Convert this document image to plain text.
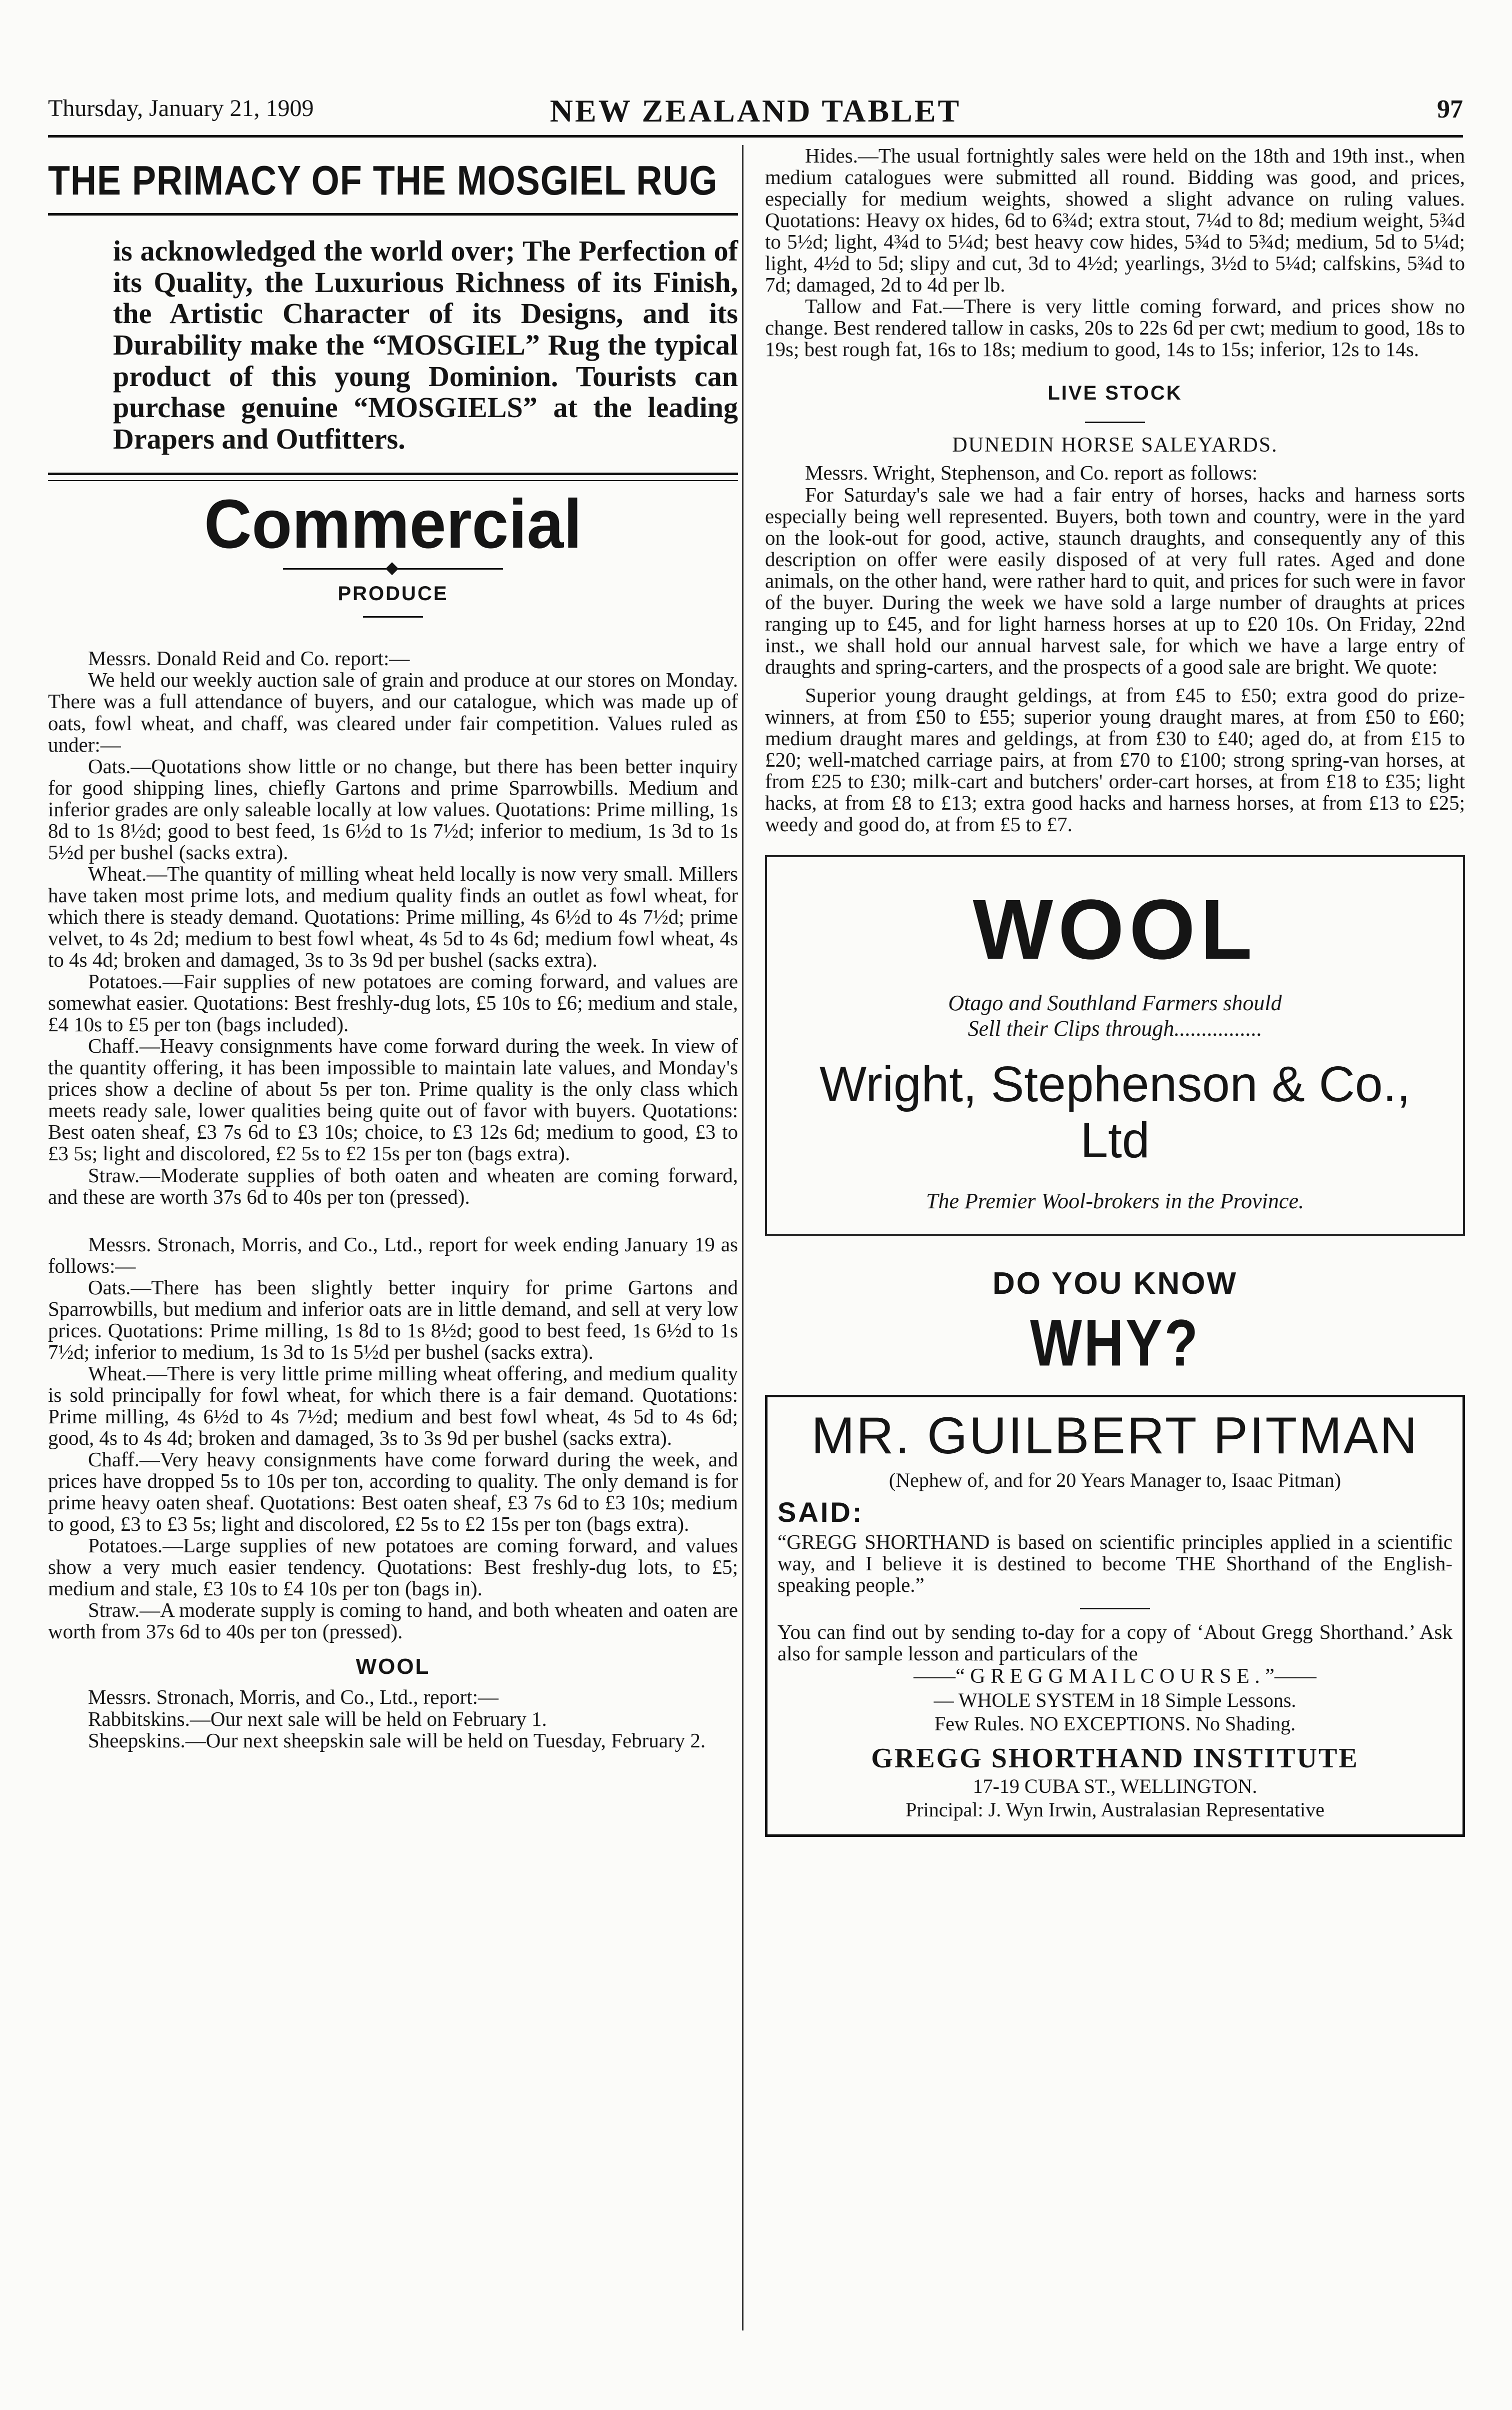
Thursday, January 21, 1909	NEW ZEALAND TABLET	97
THE PRIMACY OF THE MOSGIEL RUG

is acknowledged the world over; The Perfection of its Quality, the Luxurious Richness of its Finish, the Artistic Character of its Designs, and its Durability make the “MOSGIEL” Rug the typical product of this young Dominion. Tourists can purchase genuine “MOSGIELS” at the leading Drapers and Outfitters.

Commercial
◆
PRODUCE

Messrs. Donald Reid and Co. report:—

We held our weekly auction sale of grain and produce at our stores on Monday. There was a full attendance of buyers, and our catalogue, which was made up of oats, fowl wheat, and chaff, was cleared under fair competition. Values ruled as under:—

Oats.—Quotations show little or no change, but there has been better inquiry for good shipping lines, chiefly Gartons and prime Sparrowbills. Medium and inferior grades are only saleable locally at low values. Quotations: Prime milling, 1s 8d to 1s 8½d; good to best feed, 1s 6½d to 1s 7½d; inferior to medium, 1s 3d to 1s 5½d per bushel (sacks extra).

Wheat.—The quantity of milling wheat held locally is now very small. Millers have taken most prime lots, and medium quality finds an outlet as fowl wheat, for which there is steady demand. Quotations: Prime milling, 4s 6½d to 4s 7½d; prime velvet, to 4s 2d; medium to best fowl wheat, 4s 5d to 4s 6d; medium fowl wheat, 4s to 4s 4d; broken and damaged, 3s to 3s 9d per bushel (sacks extra).

Potatoes.—Fair supplies of new potatoes are coming forward, and values are somewhat easier. Quotations: Best freshly-dug lots, £5 10s to £6; medium and stale, £4 10s to £5 per ton (bags included).

Chaff.—Heavy consignments have come forward during the week. In view of the quantity offering, it has been impossible to maintain late values, and Monday's prices show a decline of about 5s per ton. Prime quality is the only class which meets ready sale, lower qualities being quite out of favor with buyers. Quotations: Best oaten sheaf, £3 7s 6d to £3 10s; choice, to £3 12s 6d; medium to good, £3 to £3 5s; light and discolored, £2 5s to £2 15s per ton (bags extra).

Straw.—Moderate supplies of both oaten and wheaten are coming forward, and these are worth 37s 6d to 40s per ton (pressed).

Messrs. Stronach, Morris, and Co., Ltd., report for week ending January 19 as follows:—

Oats.—There has been slightly better inquiry for prime Gartons and Sparrowbills, but medium and inferior oats are in little demand, and sell at very low prices. Quotations: Prime milling, 1s 8d to 1s 8½d; good to best feed, 1s 6½d to 1s 7½d; inferior to medium, 1s 3d to 1s 5½d per bushel (sacks extra).

Wheat.—There is very little prime milling wheat offering, and medium quality is sold principally for fowl wheat, for which there is a fair demand. Quotations: Prime milling, 4s 6½d to 4s 7½d; medium and best fowl wheat, 4s 5d to 4s 6d; good, 4s to 4s 4d; broken and damaged, 3s to 3s 9d per bushel (sacks extra).

Chaff.—Very heavy consignments have come forward during the week, and prices have dropped 5s to 10s per ton, according to quality. The only demand is for prime heavy oaten sheaf. Quotations: Best oaten sheaf, £3 7s 6d to £3 10s; medium to good, £3 to £3 5s; light and discolored, £2 5s to £2 15s per ton (bags extra).

Potatoes.—Large supplies of new potatoes are coming forward, and values show a very much easier tendency. Quotations: Best freshly-dug lots, to £5; medium and stale, £3 10s to £4 10s per ton (bags in).

Straw.—A moderate supply is coming to hand, and both wheaten and oaten are worth from 37s 6d to 40s per ton (pressed).

WOOL

Messrs. Stronach, Morris, and Co., Ltd., report:—

Rabbitskins.—Our next sale will be held on February 1.

Sheepskins.—Our next sheepskin sale will be held on Tuesday, February 2.

Hides.—The usual fortnightly sales were held on the 18th and 19th inst., when medium catalogues were submitted all round. Bidding was good, and prices, especially for medium weights, showed a slight advance on ruling values. Quotations: Heavy ox hides, 6d to 6¾d; extra stout, 7¼d to 8d; medium weight, 5¾d to 5½d; light, 4¾d to 5¼d; best heavy cow hides, 5¾d to 5¾d; medium, 5d to 5¼d; light, 4½d to 5d; slipy and cut, 3d to 4½d; yearlings, 3½d to 5¼d; calfskins, 5¾d to 7d; damaged, 2d to 4d per lb.

Tallow and Fat.—There is very little coming forward, and prices show no change. Best rendered tallow in casks, 20s to 22s 6d per cwt; medium to good, 18s to 19s; best rough fat, 16s to 18s; medium to good, 14s to 15s; inferior, 12s to 14s.

LIVE STOCK
DUNEDIN HORSE SALEYARDS.

Messrs. Wright, Stephenson, and Co. report as follows:

For Saturday's sale we had a fair entry of horses, hacks and harness sorts especially being well represented. Buyers, both town and country, were in the yard on the look-out for good, active, staunch draughts, and consequently any of this description on offer were easily disposed of at very full rates. Aged and done animals, on the other hand, were rather hard to quit, and prices for such were in favor of the buyer. During the week we have sold a large number of draughts at prices ranging up to £45, and for light harness horses at up to £20 10s. On Friday, 22nd inst., we shall hold our annual harvest sale, for which we have a large entry of draughts and spring-carters, and the prospects of a good sale are bright. We quote:

Superior young draught geldings, at from £45 to £50; extra good do prize-winners, at from £50 to £55; superior young draught mares, at from £50 to £60; medium draught mares and geldings, at from £30 to £40; aged do, at from £15 to £20; well-matched carriage pairs, at from £70 to £100; strong spring-van horses, at from £25 to £30; milk-cart and butchers' order-cart horses, at from £18 to £35; light hacks, at from £8 to £13; extra good hacks and harness horses, at from £13 to £25; weedy and good do, at from £5 to £7.

WOOL
Otago and Southland Farmers should
Sell their Clips through................
Wright, Stephenson & Co.,
Ltd
The Premier Wool-brokers in the Province.
DO YOU KNOW
WHY?
MR. GUILBERT PITMAN

(Nephew of, and for 20 Years Manager to, Isaac Pitman)

SAID:

“GREGG SHORTHAND is based on scientific principles applied in a scientific way, and I believe it is destined to become THE Shorthand of the English-speaking people.”

You can find out by sending to-day for a copy of ‘About Gregg Shorthand.’ Ask also for sample lesson and particulars of the

——“ G R E G G M A I L C O U R S E . ”——
— WHOLE SYSTEM in 18 Simple Lessons.
Few Rules. NO EXCEPTIONS. No Shading.
GREGG SHORTHAND INSTITUTE
17-19 CUBA ST., WELLINGTON.
Principal: J. Wyn Irwin, Australasian Representative
